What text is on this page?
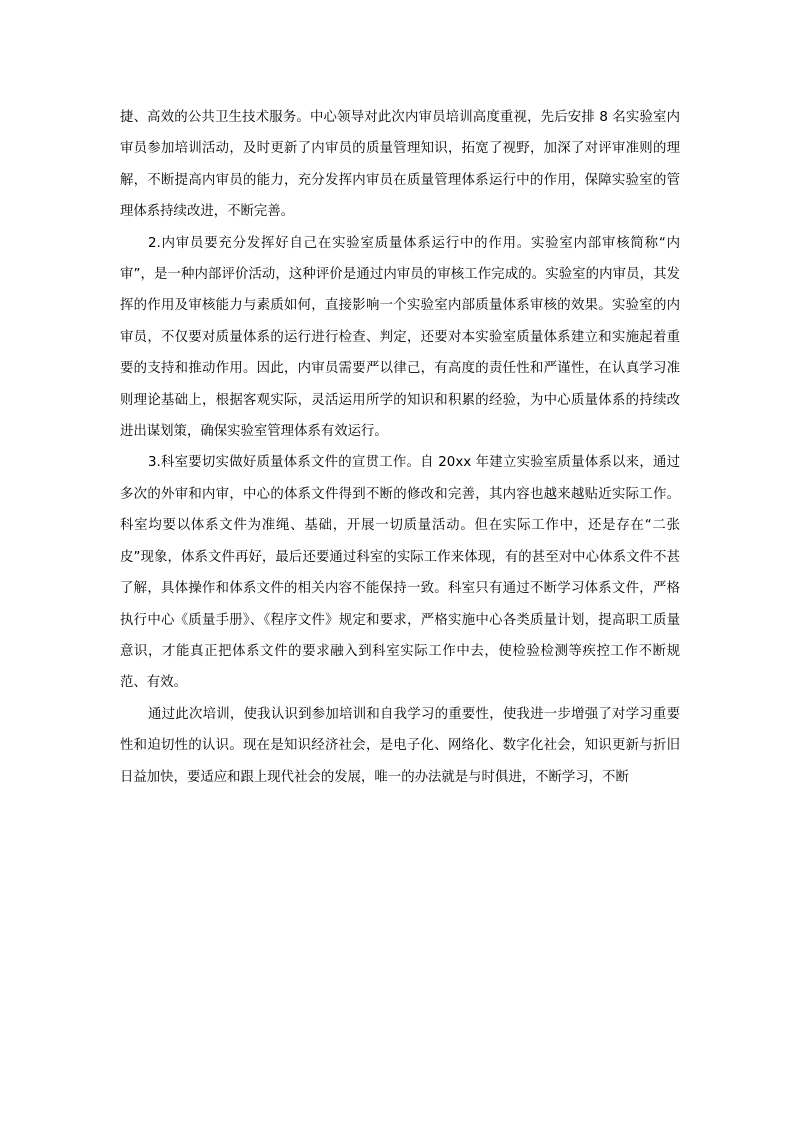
捷、高效的公共卫生技术服务。中心领导对此次内审员培训高度重视，先后安排 8 名实验室内审员参加培训活动，及时更新了内审员的质量管理知识，拓宽了视野，加深了对评审准则的理解，不断提高内审员的能力，充分发挥内审员在质量管理体系运行中的作用，保障实验室的管理体系持续改进，不断完善。

2.内审员要充分发挥好自己在实验室质量体系运行中的作用。实验室内部审核简称“内审”，是一种内部评价活动，这种评价是通过内审员的审核工作完成的。实验室的内审员，其发挥的作用及审核能力与素质如何，直接影响一个实验室内部质量体系审核的效果。实验室的内审员，不仅要对质量体系的运行进行检查、判定，还要对本实验室质量体系建立和实施起着重要的支持和推动作用。因此，内审员需要严以律己，有高度的责任性和严谨性，在认真学习准则理论基础上，根据客观实际，灵活运用所学的知识和积累的经验，为中心质量体系的持续改进出谋划策，确保实验室管理体系有效运行。

3.科室要切实做好质量体系文件的宣贯工作。自 20xx 年建立实验室质量体系以来，通过多次的外审和内审，中心的体系文件得到不断的修改和完善，其内容也越来越贴近实际工作。科室均要以体系文件为准绳、基础，开展一切质量活动。但在实际工作中，还是存在“二张皮”现象，体系文件再好，最后还要通过科室的实际工作来体现，有的甚至对中心体系文件不甚了解，具体操作和体系文件的相关内容不能保持一致。科室只有通过不断学习体系文件，严格执行中心《质量手册》、《程序文件》规定和要求，严格实施中心各类质量计划，提高职工质量意识，才能真正把体系文件的要求融入到科室实际工作中去，使检验检测等疾控工作不断规范、有效。

通过此次培训，使我认识到参加培训和自我学习的重要性，使我进一步增强了对学习重要性和迫切性的认识。现在是知识经济社会，是电子化、网络化、数字化社会，知识更新与折旧日益加快，要适应和跟上现代社会的发展，唯一的办法就是与时俱进，不断学习，不断
